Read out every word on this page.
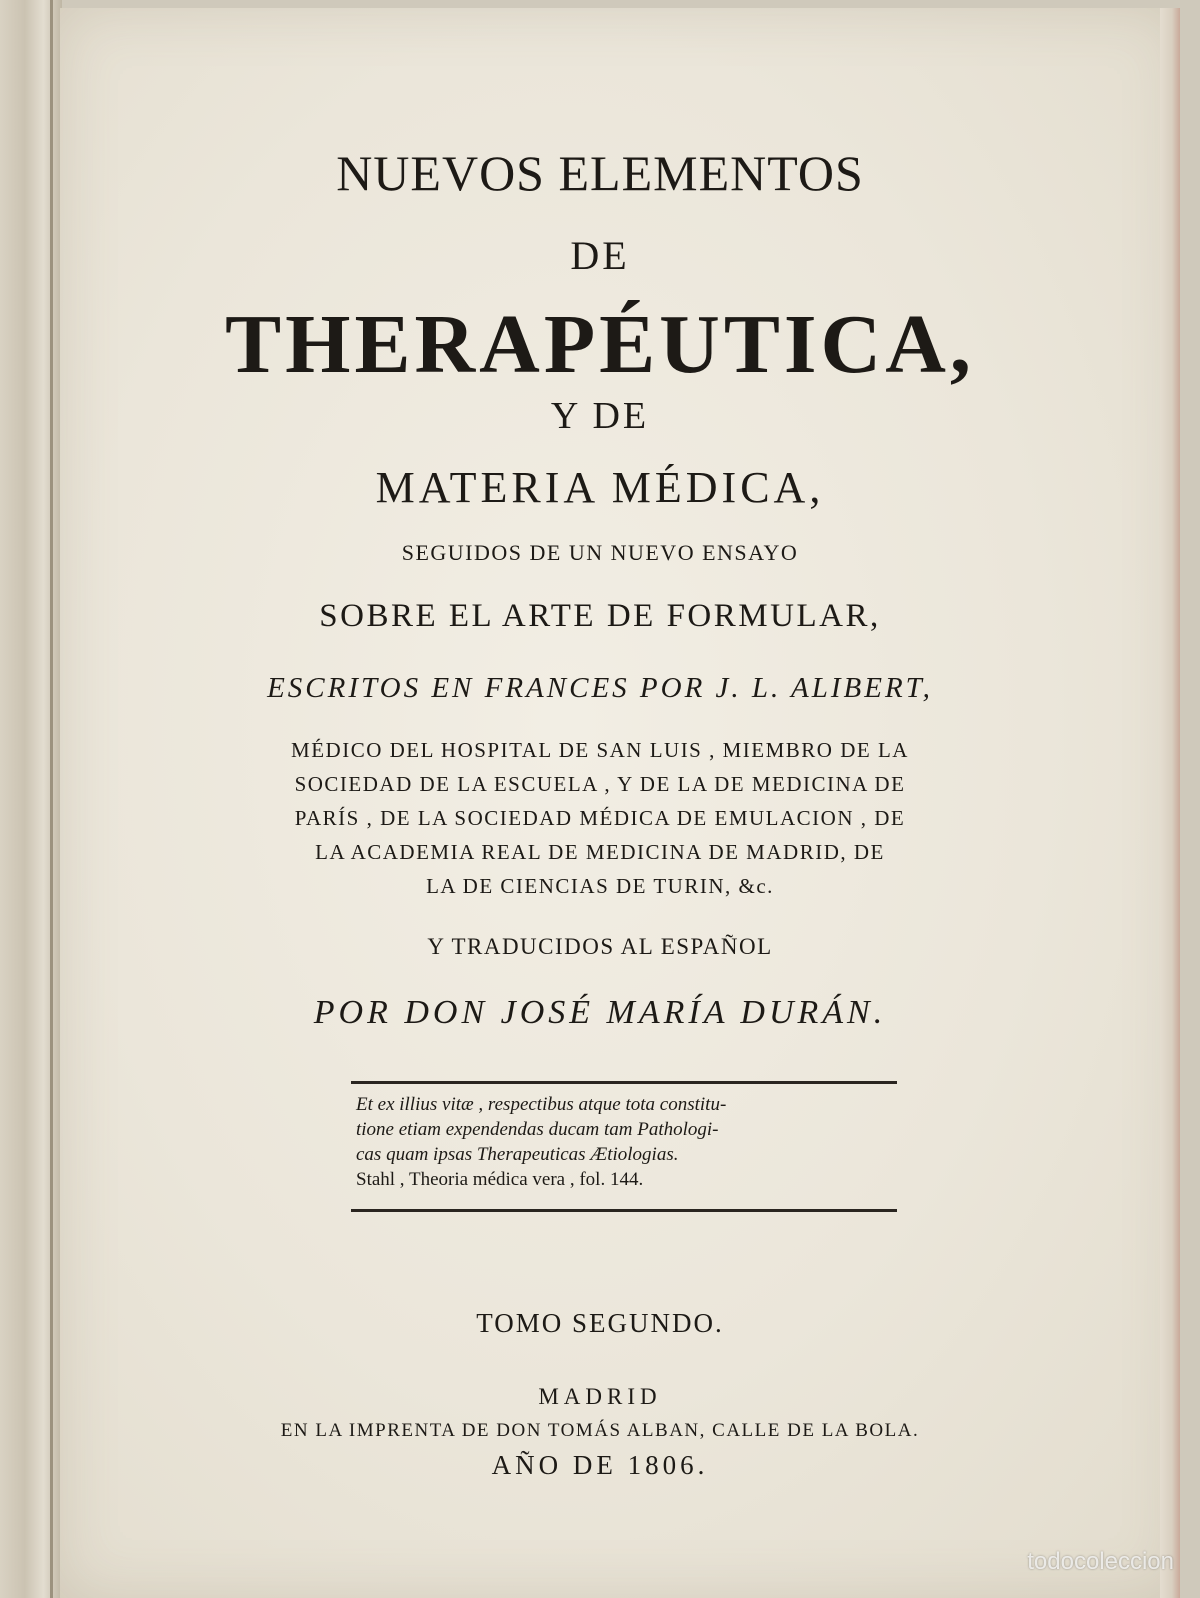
NUEVOS ELEMENTOS

DE

THERAPÉUTICA,

Y DE

MATERIA MÉDICA,

SEGUIDOS DE UN NUEVO ENSAYO

SOBRE EL ARTE DE FORMULAR,

ESCRITOS EN FRANCES POR J. L. ALIBERT,

MÉDICO DEL HOSPITAL DE SAN LUIS , MIEMBRO DE LA

SOCIEDAD DE LA ESCUELA , Y DE LA DE MEDICINA DE

PARÍS , DE LA SOCIEDAD MÉDICA DE EMULACION , DE

LA ACADEMIA REAL DE MEDICINA DE MADRID, DE

LA DE CIENCIAS DE TURIN, &c.

Y TRADUCIDOS AL ESPAÑOL

POR DON JOSÉ MARÍA DURÁN.

Et ex illius vitæ , respectibus atque tota constitu-
tione etiam expendendas ducam tam Pathologi-
cas quam ipsas Therapeuticas Ætiologias.
Stahl , Theoria médica vera , fol. 144.

TOMO SEGUNDO.

MADRID

EN LA IMPRENTA DE DON TOMÁS ALBAN, CALLE DE LA BOLA.

AÑO DE 1806.

todocoleccion
